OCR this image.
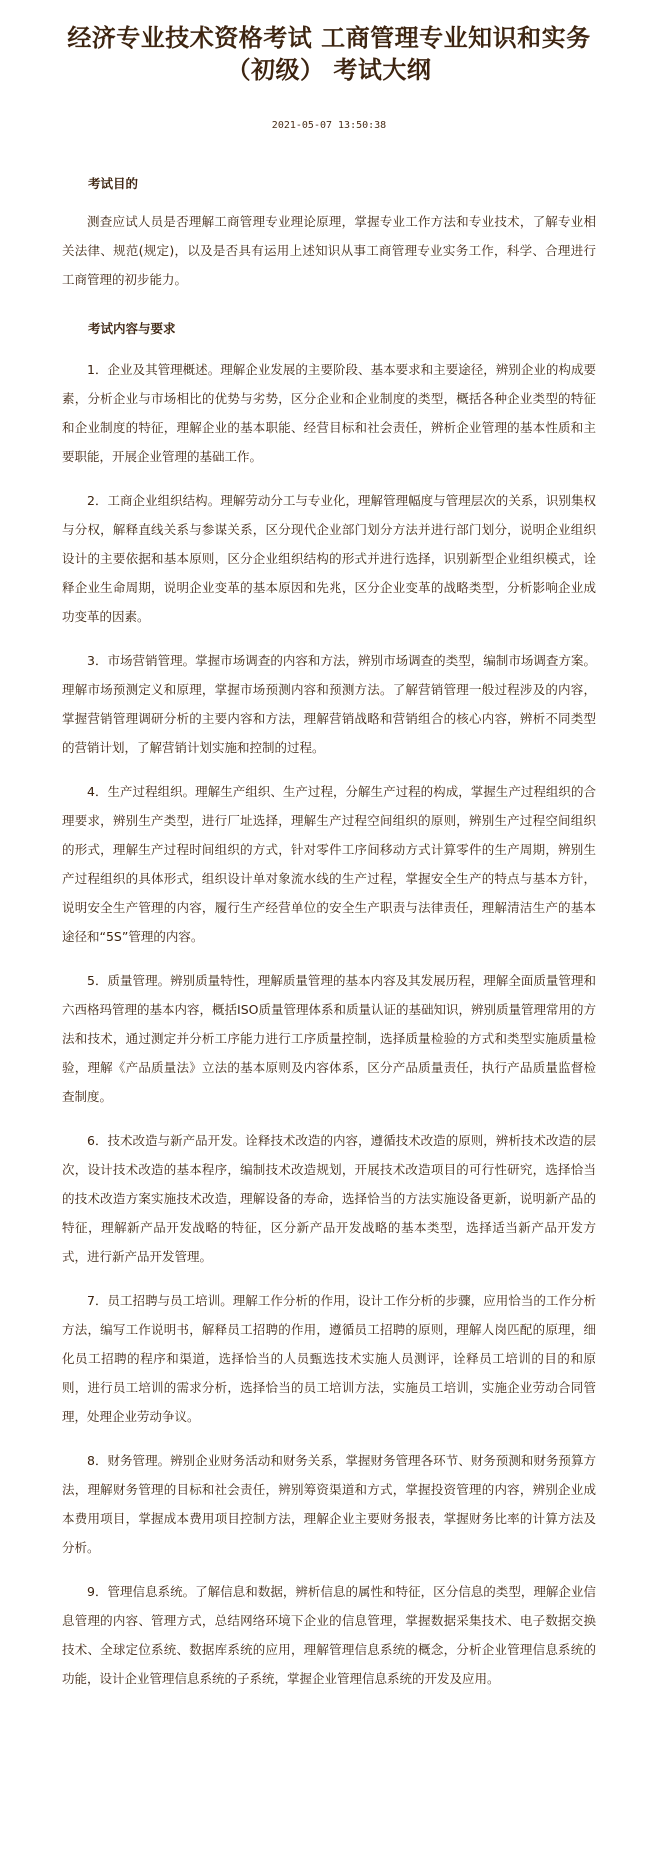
经济专业技术资格考试 工商管理专业知识和实务（初级） 考试大纲
2021-05-07 13:50:38

考试目的

测查应试人员是否理解工商管理专业理论原理，掌握专业工作方法和专业技术，了解专业相关法律、规范(规定)，以及是否具有运用上述知识从事工商管理专业实务工作，科学、合理进行工商管理的初步能力。

考试内容与要求

1．企业及其管理概述。理解企业发展的主要阶段、基本要求和主要途径，辨别企业的构成要素，分析企业与市场相比的优势与劣势，区分企业和企业制度的类型，概括各种企业类型的特征和企业制度的特征，理解企业的基本职能、经营目标和社会责任，辨析企业管理的基本性质和主要职能，开展企业管理的基础工作。

2．工商企业组织结构。理解劳动分工与专业化，理解管理幅度与管理层次的关系，识别集权与分权，解释直线关系与参谋关系，区分现代企业部门划分方法并进行部门划分，说明企业组织设计的主要依据和基本原则，区分企业组织结构的形式并进行选择，识别新型企业组织模式，诠释企业生命周期，说明企业变革的基本原因和先兆，区分企业变革的战略类型，分析影响企业成功变革的因素。

3．市场营销管理。掌握市场调查的内容和方法，辨别市场调查的类型，编制市场调查方案。理解市场预测定义和原理，掌握市场预测内容和预测方法。了解营销管理一般过程涉及的内容，掌握营销管理调研分析的主要内容和方法，理解营销战略和营销组合的核心内容，辨析不同类型的营销计划，了解营销计划实施和控制的过程。

4．生产过程组织。理解生产组织、生产过程，分解生产过程的构成，掌握生产过程组织的合理要求，辨别生产类型，进行厂址选择，理解生产过程空间组织的原则，辨别生产过程空间组织的形式，理解生产过程时间组织的方式，针对零件工序间移动方式计算零件的生产周期，辨别生产过程组织的具体形式，组织设计单对象流水线的生产过程，掌握安全生产的特点与基本方针，说明安全生产管理的内容，履行生产经营单位的安全生产职责与法律责任，理解清洁生产的基本途径和“5S”管理的内容。

5．质量管理。辨别质量特性，理解质量管理的基本内容及其发展历程，理解全面质量管理和六西格玛管理的基本内容，概括ISO质量管理体系和质量认证的基础知识，辨别质量管理常用的方法和技术，通过测定并分析工序能力进行工序质量控制，选择质量检验的方式和类型实施质量检验，理解《产品质量法》立法的基本原则及内容体系，区分产品质量责任，执行产品质量监督检查制度。

6．技术改造与新产品开发。诠释技术改造的内容，遵循技术改造的原则，辨析技术改造的层次，设计技术改造的基本程序，编制技术改造规划，开展技术改造项目的可行性研究，选择恰当的技术改造方案实施技术改造，理解设备的寿命，选择恰当的方法实施设备更新，说明新产品的特征，理解新产品开发战略的特征，区分新产品开发战略的基本类型，选择适当新产品开发方式，进行新产品开发管理。

7．员工招聘与员工培训。理解工作分析的作用，设计工作分析的步骤，应用恰当的工作分析方法，编写工作说明书，解释员工招聘的作用，遵循员工招聘的原则，理解人岗匹配的原理，细化员工招聘的程序和渠道，选择恰当的人员甄选技术实施人员测评，诠释员工培训的目的和原则，进行员工培训的需求分析，选择恰当的员工培训方法，实施员工培训，实施企业劳动合同管理，处理企业劳动争议。

8．财务管理。辨别企业财务活动和财务关系，掌握财务管理各环节、财务预测和财务预算方法，理解财务管理的目标和社会责任，辨别筹资渠道和方式，掌握投资管理的内容，辨别企业成本费用项目，掌握成本费用项目控制方法，理解企业主要财务报表，掌握财务比率的计算方法及分析。

9．管理信息系统。了解信息和数据，辨析信息的属性和特征，区分信息的类型，理解企业信息管理的内容、管理方式，总结网络环境下企业的信息管理，掌握数据采集技术、电子数据交换技术、全球定位系统、数据库系统的应用，理解管理信息系统的概念，分析企业管理信息系统的功能，设计企业管理信息系统的子系统，掌握企业管理信息系统的开发及应用。
